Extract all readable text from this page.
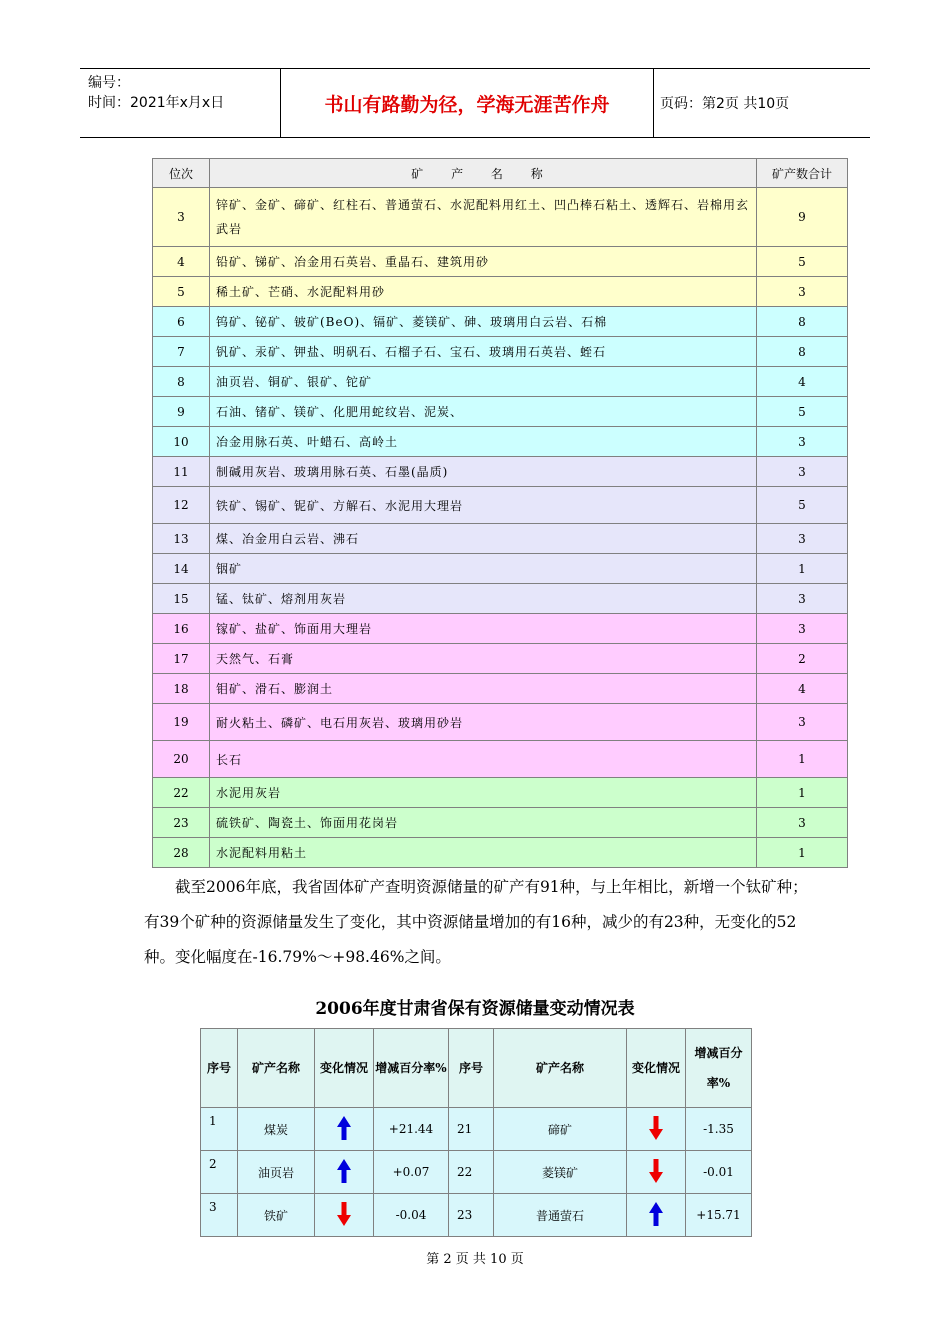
编号：
时间：2021年x月x日	书山有路勤为径，学海无涯苦作舟	页码：第2页 共10页
位次	矿 产 名 称	矿产数合计
3	锌矿、金矿、碲矿、红柱石、普通萤石、水泥配料用红土、凹凸棒石粘土、透辉石、岩棉用玄武岩	9
4	铅矿、锑矿、冶金用石英岩、重晶石、建筑用砂	5
5	稀土矿、芒硝、水泥配料用砂	3
6	钨矿、铋矿、铍矿(BeO)、镉矿、菱镁矿、砷、玻璃用白云岩、石棉	8
7	钒矿、汞矿、钾盐、明矾石、石榴子石、宝石、玻璃用石英岩、蛭石	8
8	油页岩、铜矿、银矿、铊矿	4
9	石油、锗矿、镁矿、化肥用蛇纹岩、泥炭、	5
10	冶金用脉石英、叶蜡石、高岭土	3
11	制碱用灰岩、玻璃用脉石英、石墨(晶质)	3
12	铁矿、锡矿、铌矿、方解石、水泥用大理岩	5
13	煤、冶金用白云岩、沸石	3
14	铟矿	1
15	锰、钛矿、熔剂用灰岩	3
16	镓矿、盐矿、饰面用大理岩	3
17	天然气、石膏	2
18	钼矿、滑石、膨润土	4
19	耐火粘土、磷矿、电石用灰岩、玻璃用砂岩	3
20	长石	1
22	水泥用灰岩	1
23	硫铁矿、陶瓷土、饰面用花岗岩	3
28	水泥配料用粘土	1

截至2006年底，我省固体矿产查明资源储量的矿产有91种，与上年相比，新增一个钛矿种；有39个矿种的资源储量发生了变化，其中资源储量增加的有16种，减少的有23种，无变化的52种。变化幅度在-16.79%～+98.46%之间。

2006年度甘肃省保有资源储量变动情况表
序号	矿产名称	变化情况	增减百分率%	序号	矿产名称	变化情况	增减百分率%
1	煤炭		+21.44	21	碲矿		-1.35
2	油页岩		+0.07	22	菱镁矿		-0.01
3	铁矿		-0.04	23	普通萤石		+15.71
第 2 页 共 10 页
